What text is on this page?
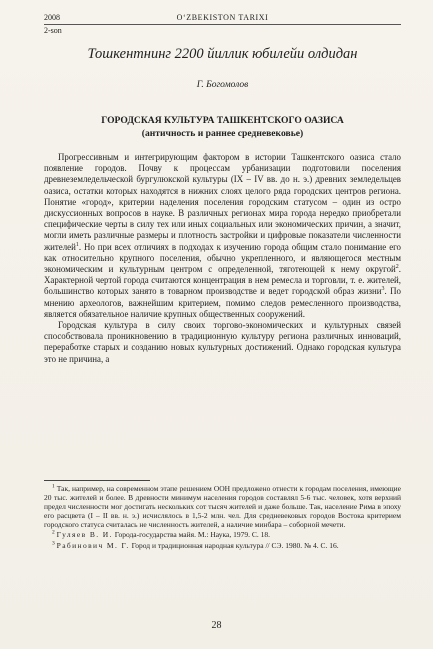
2008	O‘ZBEKISTON TARIXI
2-son
Тошкентнинг 2200 йиллик юбилейи олдидан
Г. Богомолов
ГОРОДСКАЯ КУЛЬТУРА ТАШКЕНТСКОГО ОАЗИСА
(античность и раннее средневековье)

Прогрессивным и интегрирующим фактором в истории Ташкентского оазиса стало появление городов. Почву к процессам урбанизации подготовили поселения древнеземледельческой бургулюкской культуры (IX – IV вв. до н. э.) древних земледельцев оазиса, остатки которых находятся в нижних слоях целого ряда городских центров региона. Понятие «город», критерии наделения поселения городским статусом – один из остро дискуссионных вопросов в науке. В различных регионах мира города нередко приобретали специфические черты в силу тех или иных социальных или экономических причин, а значит, могли иметь различные размеры и плотность застройки и цифровые показатели численности жителей$^1$. Но при всех отличиях в подходах к изучению города общим стало понимание его как относительно крупного поселения, обычно укрепленного, и являющегося местным экономическим и культурным центром с определенной, тяготеющей к нему округой$^2$. Характерной чертой города считаются концентрация в нем ремесла и торговли, т. е. жителей, большинство которых занято в товарном производстве и ведет городской образ жизни$^3$. По мнению археологов, важнейшим критерием, помимо следов ремесленного производства, является обязательное наличие крупных общественных сооружений.

Городская культура в силу своих торгово-экономических и культурных связей способствовала проникновению в традиционную культуру региона различных инноваций, переработке старых и созданию новых культурных достижений. Однако городская культура это не причина, а

$^1$ Так, например, на современном этапе решением ООН предложено отнести к городам поселения, имеющие 20 тыс. жителей и более. В древности минимум населения городов составлял 5-6 тыс. человек, хотя верхний предел численности мог достигать нескольких сот тысяч жителей и даже больше. Так, население Рима в эпоху его расцвета (I – II вв. н. э.) исчислялось в 1,5-2 млн. чел. Для средневековых городов Востока критерием городского статуса считалась не численность жителей, а наличие минбара – соборной мечети.

$^2$ Гуляев В. И. Города-государства майя. М.: Наука, 1979. С. 18.

$^3$ Рабинович М. Г. Город и традиционная народная культура // СЭ. 1980. № 4. С. 16.

28
